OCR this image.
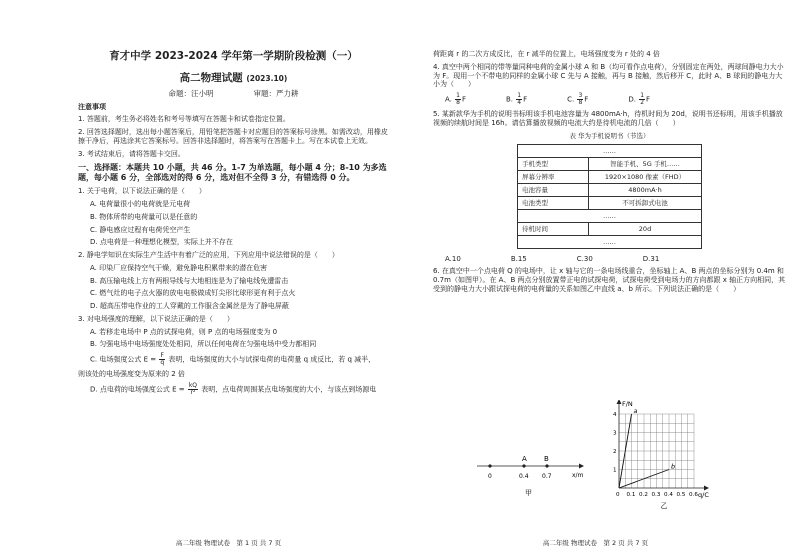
育才中学 2023-2024 学年第一学期阶段检测（一）
高二物理试题 (2023.10)
命题：汪小明	审题：严力耕
注意事项
1. 答题前，考生务必将姓名和考号等填写在答题卡和试卷指定位置。
2. 回答选择题时，选出每小题答案后，用铅笔把答题卡对应题目的答案标号涂黑。如需改动，用橡皮擦干净后，再选涂其它答案标号。回答非选择题时，将答案写在答题卡上。写在本试卷上无效。
3. 考试结束后，请将答题卡交回。
一、选择题：本题共 10 小题，共 46 分。1-7 为单选题，每小题 4 分；8-10 为多选题，每小题 6 分，全部选对的得 6 分，选对但不全得 3 分，有错选得 0 分。
1. 关于电荷，以下说法正确的是（　　）
A. 电荷量很小的电荷就是元电荷
B. 物体所带的电荷量可以是任意的
C. 静电感应过程有电荷凭空产生
D. 点电荷是一种理想化模型，实际上并不存在
2. 静电学知识在实际生产生活中有着广泛的应用，下列应用中说法错误的是（　　）
A. 印染厂应保持空气干燥，避免静电积累带来的潜在危害
B. 高压输电线上方有两根导线与大地相连是为了输电线免遭雷击
C. 燃气灶的电子点火器的放电电极做成钉尖形比球形更有利于点火
D. 超高压带电作业的工人穿戴的工作服含金属丝是为了静电屏蔽
3. 对电场强度的理解，以下说法正确的是（　　）
A. 若移走电场中 P 点的试探电荷，则 P 点的电场强度变为 0
B. 匀强电场中电场强度处处相同，所以任何电荷在匀强电场中受力都相同
C. 电场强度公式 $E = \frac{F}{q}$ 表明，电场强度的大小与试探电荷的电荷量 q 成反比，若 q 减半，
则该处的电场强度变为原来的 2 倍
D. 点电荷的电场强度公式 $E = \frac{kQ}{\text{r²}}$ 表明，点电荷周围某点电场强度的大小，与该点到场源电
高二年级 物理试卷　第 1 页 共 7 页
荷距离 r 的二次方成反比，在 r 减半的位置上，电场强度变为 r 处的 4 倍
4. 真空中两个相同的带等量同种电荷的金属小球 A 和 B（均可看作点电荷），分别固定在两处，两球间静电力大小为 F。现用一个不带电的同样的金属小球 C 先与 A 接触，再与 B 接触，然后移开 C，此时 A、B 球间的静电力大小为（　　）
A. $\frac{1}{8}$ F	B. $\frac{1}{4}$ F	C. $\frac{3}{8}$ F	D. $\frac{1}{2}$ F
5. 某新款华为手机的说明书标明该手机电池容量为 4800mA·h，待机时间为 20d，说明书还标明，用该手机播放视频的续航时间是 16h。请估算播放视频的电流大约是待机电流的几倍（　　）
表 华为手机说明书（节选）
……	
手机类型	智能手机、5G 手机……
屏幕分辨率	1920×1080 像素（FHD）
电池容量	4800mA·h
电池类型	不可拆卸式电池
……	
待机时间	20d
……	
A.10	B.15	C.30	D.31
6. 在真空中一个点电荷 Q 的电场中，让 x 轴与它的一条电场线重合，坐标轴上 A、B 两点的坐标分别为 0.4m 和 0.7m（如图甲）。在 A、B 两点分别放置带正电的试探电荷，试探电荷受到电场力的方向都跟 x 轴正方向相同，其受到的静电力大小跟试探电荷的电荷量的关系如图乙中直线 a、b 所示。下列说法正确的是（　　）
高二年级 物理试卷　第 2 页 共 7 页
A B
0	0.4 0.7	x/m
甲	0 0.1 0.2 0.3 0.4 0.5 0.6
4
3
2
1
a
b
F/N
q/C
乙
